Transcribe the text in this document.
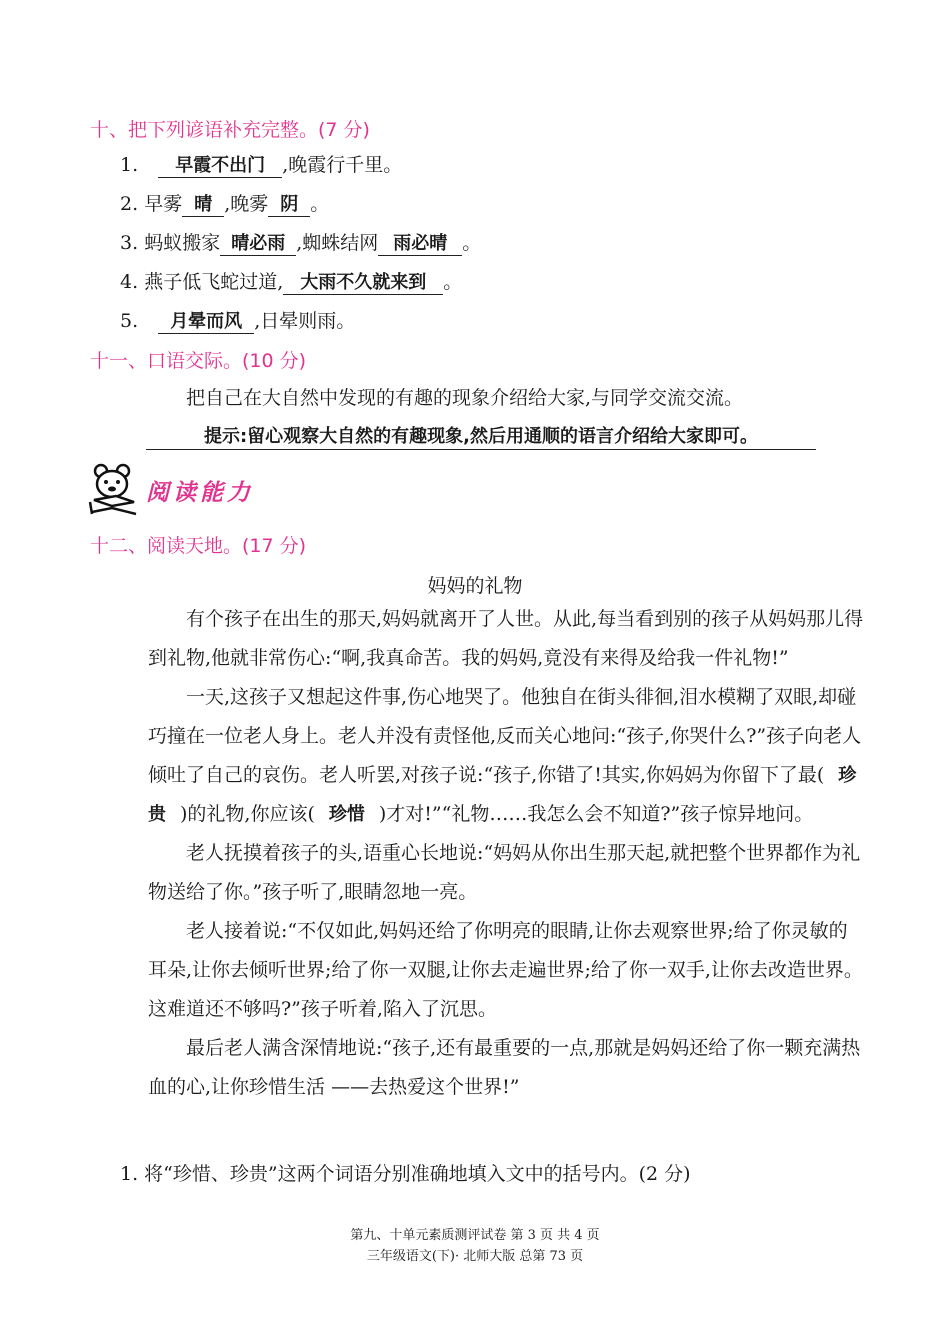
十、把下列谚语补充完整。(7 分)
1. 早霞不出门 ,晚霞行千里。
2. 早雾 晴 ,晚雾 阴 。
3. 蚂蚁搬家 晴必雨 ,蜘蛛结网 雨必晴 。
4. 燕子低飞蛇过道, 大雨不久就来到 。
5. 月晕而风 ,日晕则雨。
十一、口语交际。(10 分)
把自己在大自然中发现的有趣的现象介绍给大家,与同学交流交流。
提示:留心观察大自然的有趣现象,然后用通顺的语言介绍给大家即可。
阅读能力
十二、阅读天地。(17 分)
妈妈的礼物

有个孩子在出生的那天,妈妈就离开了人世。从此,每当看到别的孩子从妈妈那儿得到礼物,他就非常伤心:“啊,我真命苦。我的妈妈,竟没有来得及给我一件礼物!”

一天,这孩子又想起这件事,伤心地哭了。他独自在街头徘徊,泪水模糊了双眼,却碰巧撞在一位老人身上。老人并没有责怪他,反而关心地问:“孩子,你哭什么?”孩子向老人倾吐了自己的哀伤。老人听罢,对孩子说:“孩子,你错了!其实,你妈妈为你留下了最( 珍贵 )的礼物,你应该( 珍惜 )才对!”“礼物……我怎么会不知道?”孩子惊异地问。

老人抚摸着孩子的头,语重心长地说:“妈妈从你出生那天起,就把整个世界都作为礼物送给了你。”孩子听了,眼睛忽地一亮。

老人接着说:“不仅如此,妈妈还给了你明亮的眼睛,让你去观察世界;给了你灵敏的耳朵,让你去倾听世界;给了你一双腿,让你去走遍世界;给了你一双手,让你去改造世界。这难道还不够吗?”孩子听着,陷入了沉思。

最后老人满含深情地说:“孩子,还有最重要的一点,那就是妈妈还给了你一颗充满热血的心,让你珍惜生活 ——去热爱这个世界!”

1. 将“珍惜、珍贵”这两个词语分别准确地填入文中的括号内。(2 分)
第九、十单元素质测评试卷 第 3 页 共 4 页
三年级语文(下)· 北师大版 总第 73 页
